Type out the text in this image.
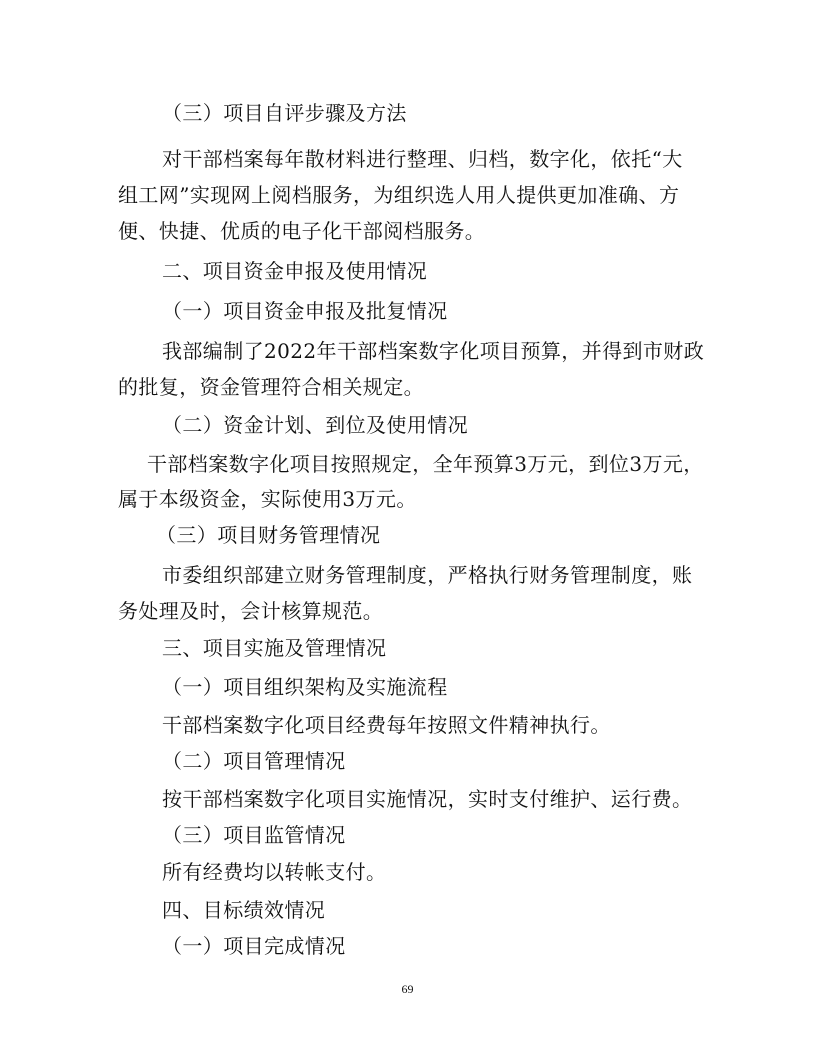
（三）项目自评步骤及方法
对干部档案每年散材料进行整理、归档，数字化，依托“大
组工网”实现网上阅档服务，为组织选人用人提供更加准确、方
便、快捷、优质的电子化干部阅档服务。
二、项目资金申报及使用情况
（一）项目资金申报及批复情况
我部编制了2022年干部档案数字化项目预算，并得到市财政
的批复，资金管理符合相关规定。
（二）资金计划、到位及使用情况
干部档案数字化项目按照规定，全年预算3万元，到位3万元，
属于本级资金，实际使用3万元。
（三）项目财务管理情况
市委组织部建立财务管理制度，严格执行财务管理制度，账
务处理及时，会计核算规范。
三、项目实施及管理情况
（一）项目组织架构及实施流程
干部档案数字化项目经费每年按照文件精神执行。
（二）项目管理情况
按干部档案数字化项目实施情况，实时支付维护、运行费。
（三）项目监管情况
所有经费均以转帐支付。
四、目标绩效情况
（一）项目完成情况
69
